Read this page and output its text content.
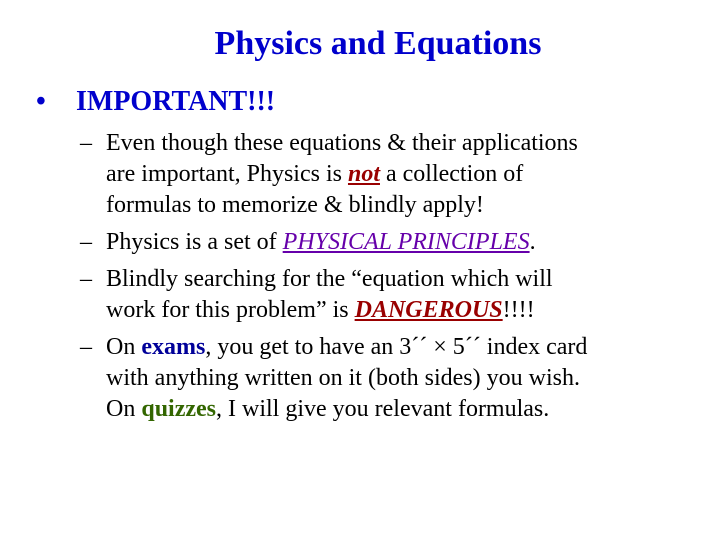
Physics and Equations
• IMPORTANT!!!
– Even though these equations & their applications
are important, Physics is not a collection of
formulas to memorize & blindly apply!
– Physics is a set of PHYSICAL PRINCIPLES.
– Blindly searching for the “equation which will
work for this problem” is DANGEROUS!!!!
– On exams, you get to have an 3´´ × 5´´ index card
with anything written on it (both sides) you wish.
On quizzes, I will give you relevant formulas.
